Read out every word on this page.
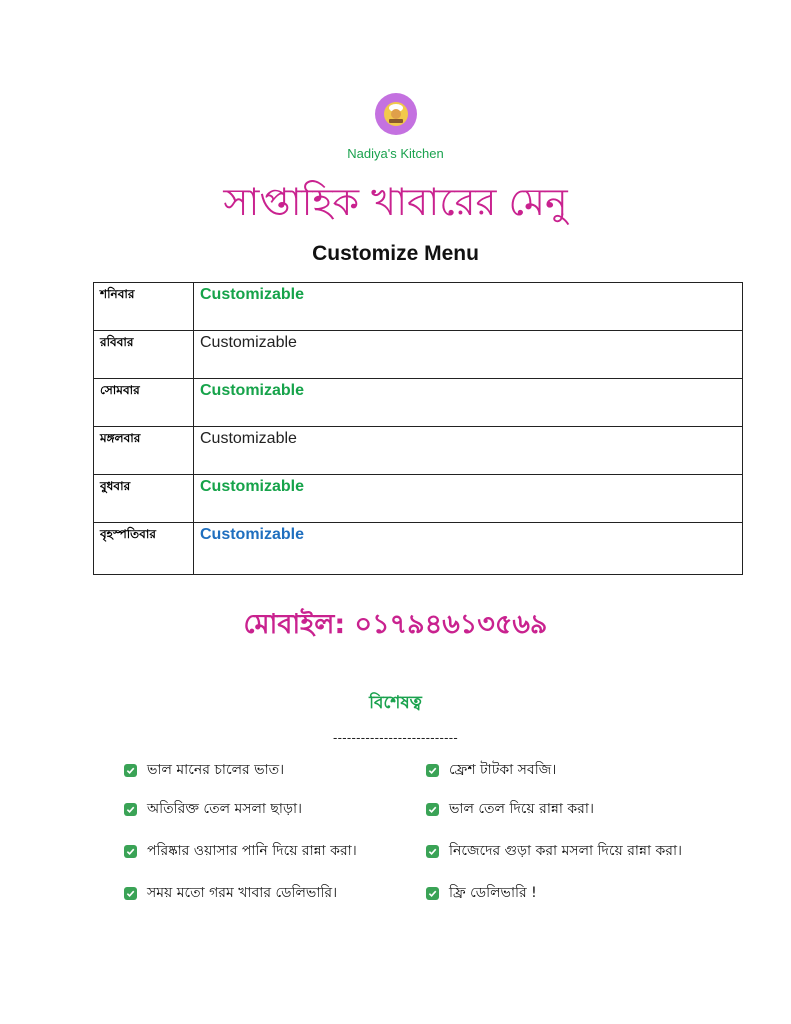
Nadiya's Kitchen
সাপ্তাহিক খাবারের মেনু
Customize Menu
শনিবার	Customizable
রবিবার	Customizable
সোমবার	Customizable
মঙ্গলবার	Customizable
বুধবার	Customizable
বৃহস্পতিবার	Customizable
মোবাইল: ০১৭৯৪৬১৩৫৬৯
বিশেষত্ব
---------------------------
ভাল মানের চালের ভাত।	ফ্রেশ টাটকা সবজি।
অতিরিক্ত তেল মসলা ছাড়া।	ভাল তেল দিয়ে রান্না করা।
পরিষ্কার ওয়াসার পানি দিয়ে রান্না করা।	নিজেদের গুড়া করা মসলা দিয়ে রান্না করা।
সময় মতো গরম খাবার ডেলিভারি।	ফ্রি ডেলিভারি !
